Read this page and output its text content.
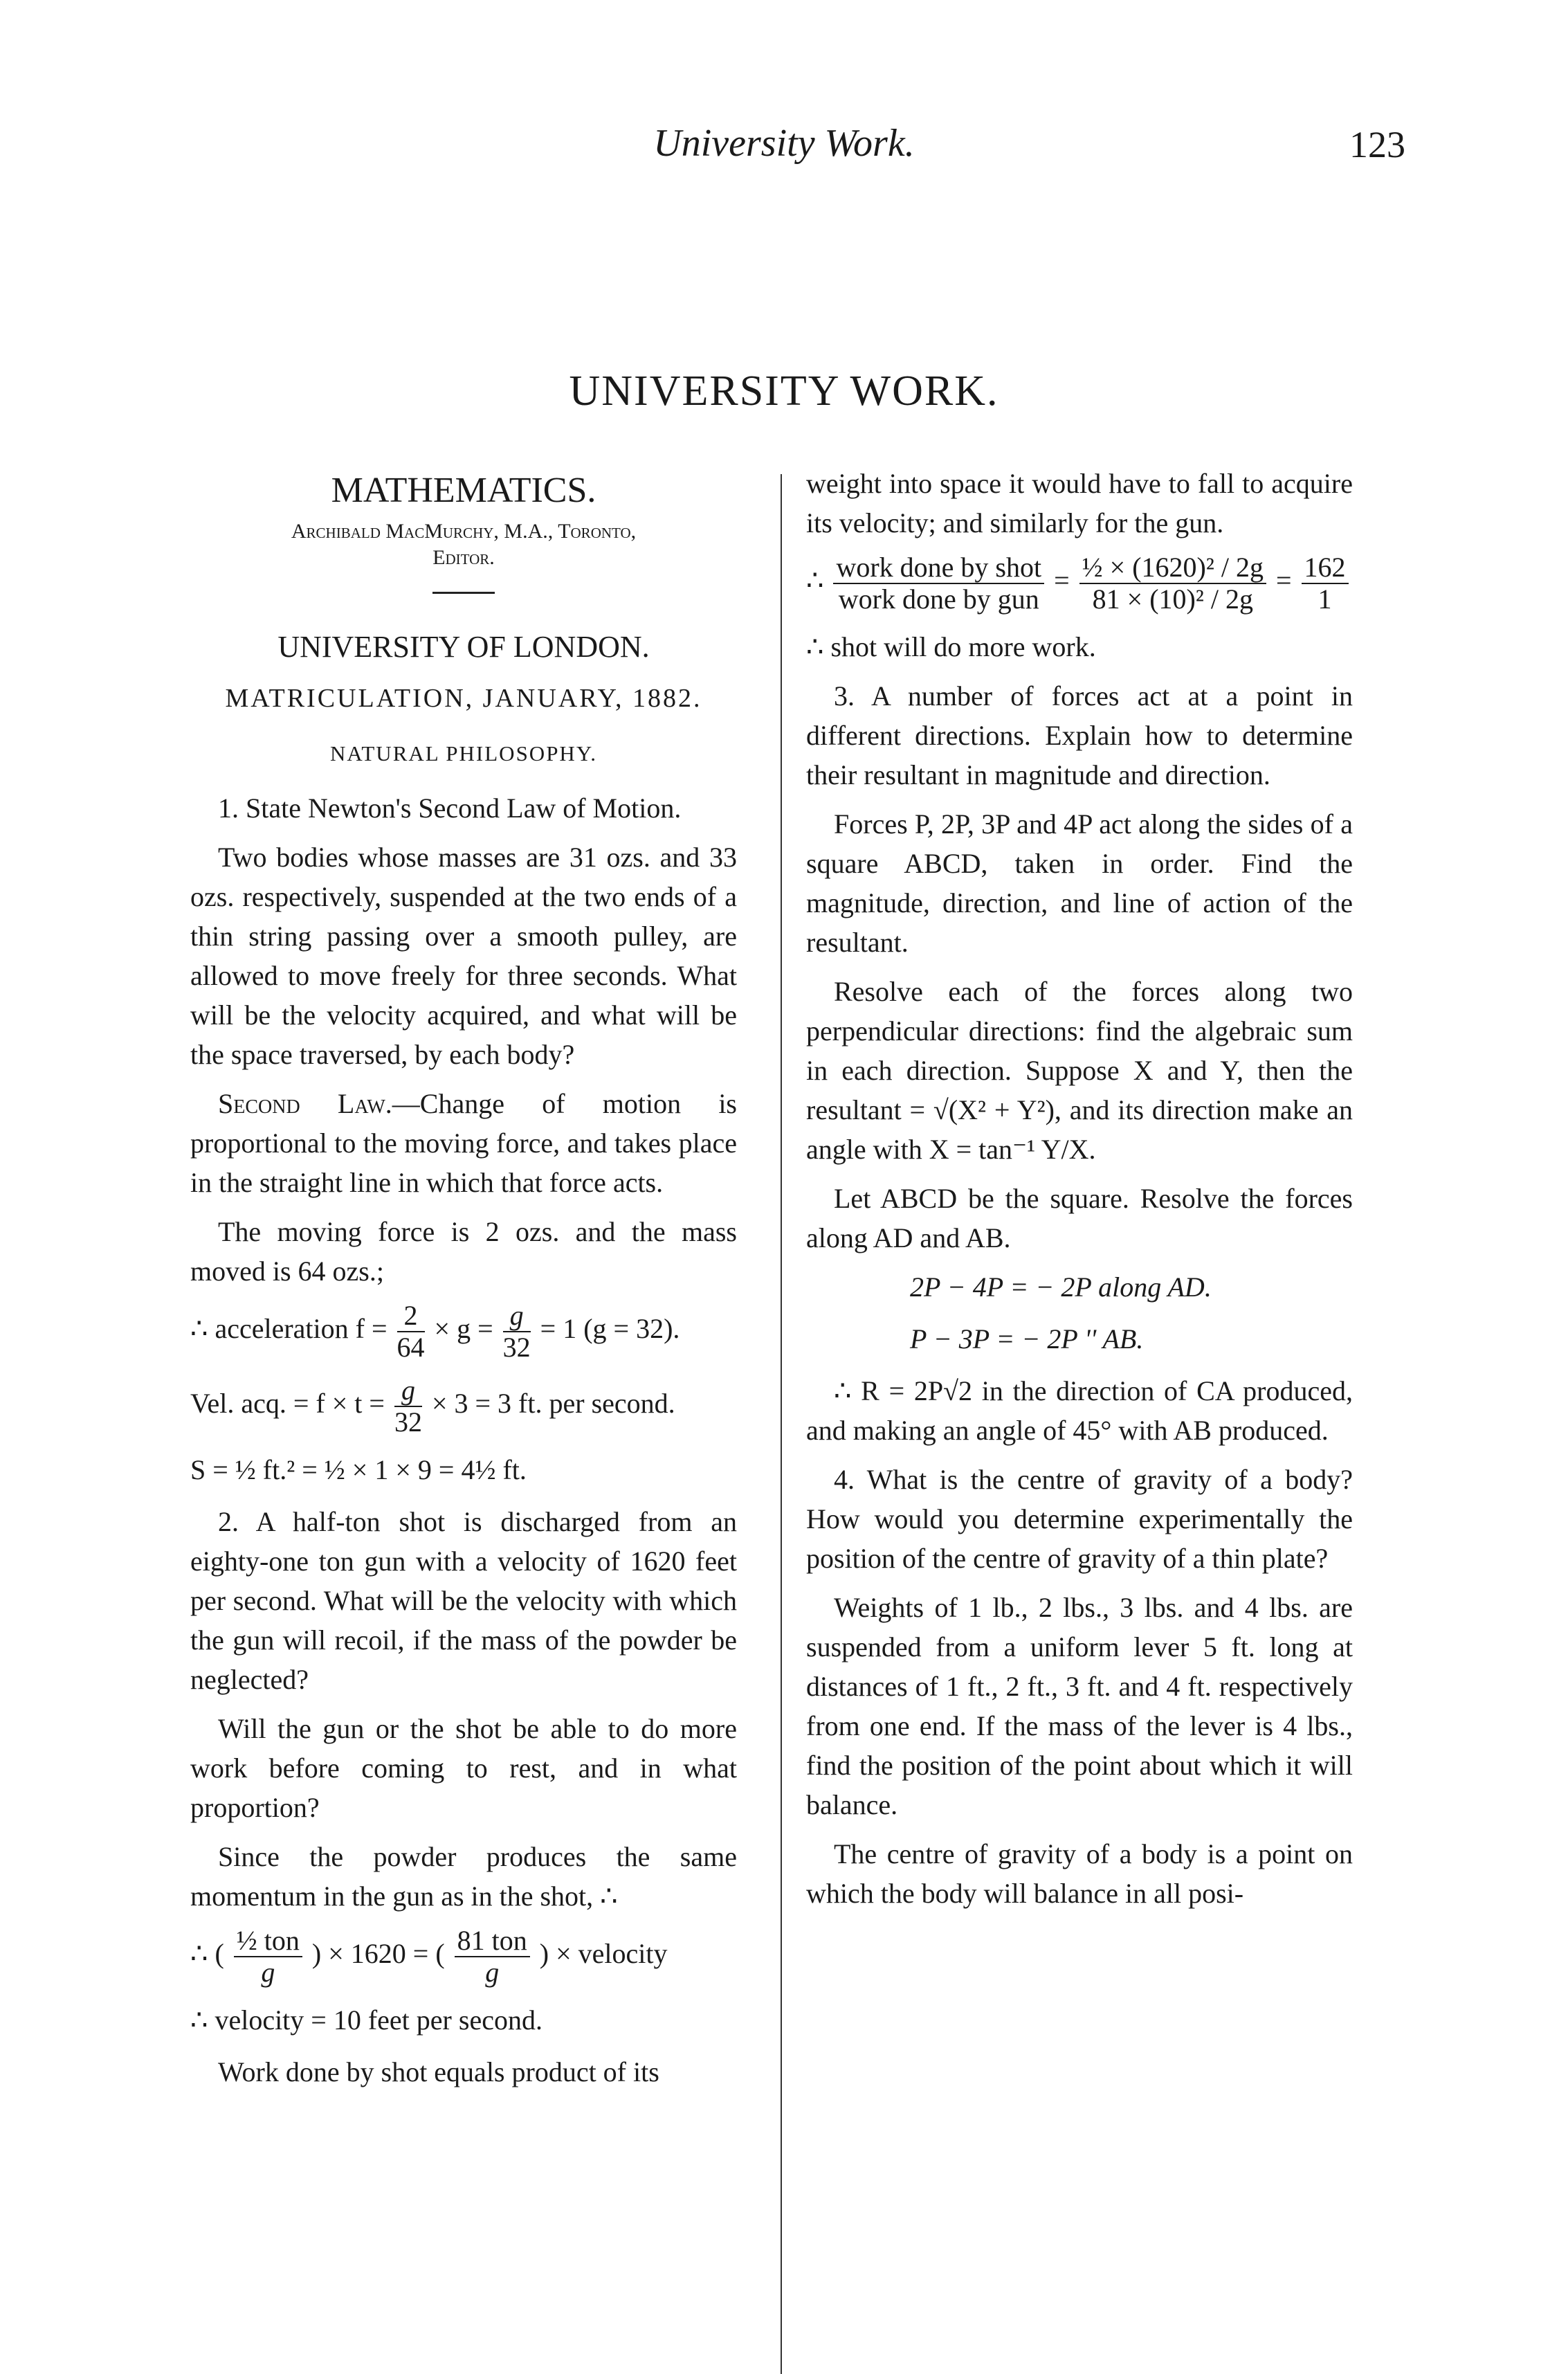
University Work.	123
UNIVERSITY WORK.
MATHEMATICS.
Archibald MacMurchy, M.A., Toronto,
Editor.
UNIVERSITY OF LONDON.
MATRICULATION, JANUARY, 1882.
NATURAL PHILOSOPHY.

1. State Newton's Second Law of Motion.

Two bodies whose masses are 31 ozs. and 33 ozs. respectively, suspended at the two ends of a thin string passing over a smooth pulley, are allowed to move freely for three seconds. What will be the velocity acquired, and what will be the space traversed, by each body?

Second Law.—Change of motion is proportional to the moving force, and takes place in the straight line in which that force acts.

The moving force is 2 ozs. and the mass moved is 64 ozs.;

∴ acceleration $f = \frac{2}{64} \times g = \frac{g}{32} = 1$ (g = 32).
Vel. acq. = $f \times t = \frac{g}{32} \times 3 = 3$ ft. per second.
S = ½ ft.² = ½ × 1 × 9 = 4½ ft.

2. A half-ton shot is discharged from an eighty-one ton gun with a velocity of 1620 feet per second. What will be the velocity with which the gun will recoil, if the mass of the powder be neglected?

Will the gun or the shot be able to do more work before coming to rest, and in what proportion?

Since the powder produces the same momentum in the gun as in the shot, ∴

∴ ( $\frac{\text{½ ton}}{g}$ ) × 1620 = ( $\frac{\text{81 ton}}{g}$ ) × velocity
∴ velocity = 10 feet per second.

Work done by shot equals product of its

weight into space it would have to fall to acquire its velocity; and similarly for the gun.

∴ $\frac{\text{work done by shot}}{\text{work done by gun}} = \frac{\text{½ × (1620)² / 2g}}{\text{81 × (10)² / 2g}} = \frac{162}{1}$

∴ shot will do more work.

3. A number of forces act at a point in different directions. Explain how to determine their resultant in magnitude and direction.

Forces P, 2P, 3P and 4P act along the sides of a square ABCD, taken in order. Find the magnitude, direction, and line of action of the resultant.

Resolve each of the forces along two perpendicular directions: find the algebraic sum in each direction. Suppose X and Y, then the resultant = √(X² + Y²), and its direction make an angle with X = tan⁻¹ Y/X.

Let ABCD be the square. Resolve the forces along AD and AB.

2P − 4P = − 2P along AD.
P − 3P = − 2P '' AB.

∴ R = 2P√2 in the direction of CA produced, and making an angle of 45° with AB produced.

4. What is the centre of gravity of a body? How would you determine experimentally the position of the centre of gravity of a thin plate?

Weights of 1 lb., 2 lbs., 3 lbs. and 4 lbs. are suspended from a uniform lever 5 ft. long at distances of 1 ft., 2 ft., 3 ft. and 4 ft. respectively from one end. If the mass of the lever is 4 lbs., find the position of the point about which it will balance.

The centre of gravity of a body is a point on which the body will balance in all posi-
